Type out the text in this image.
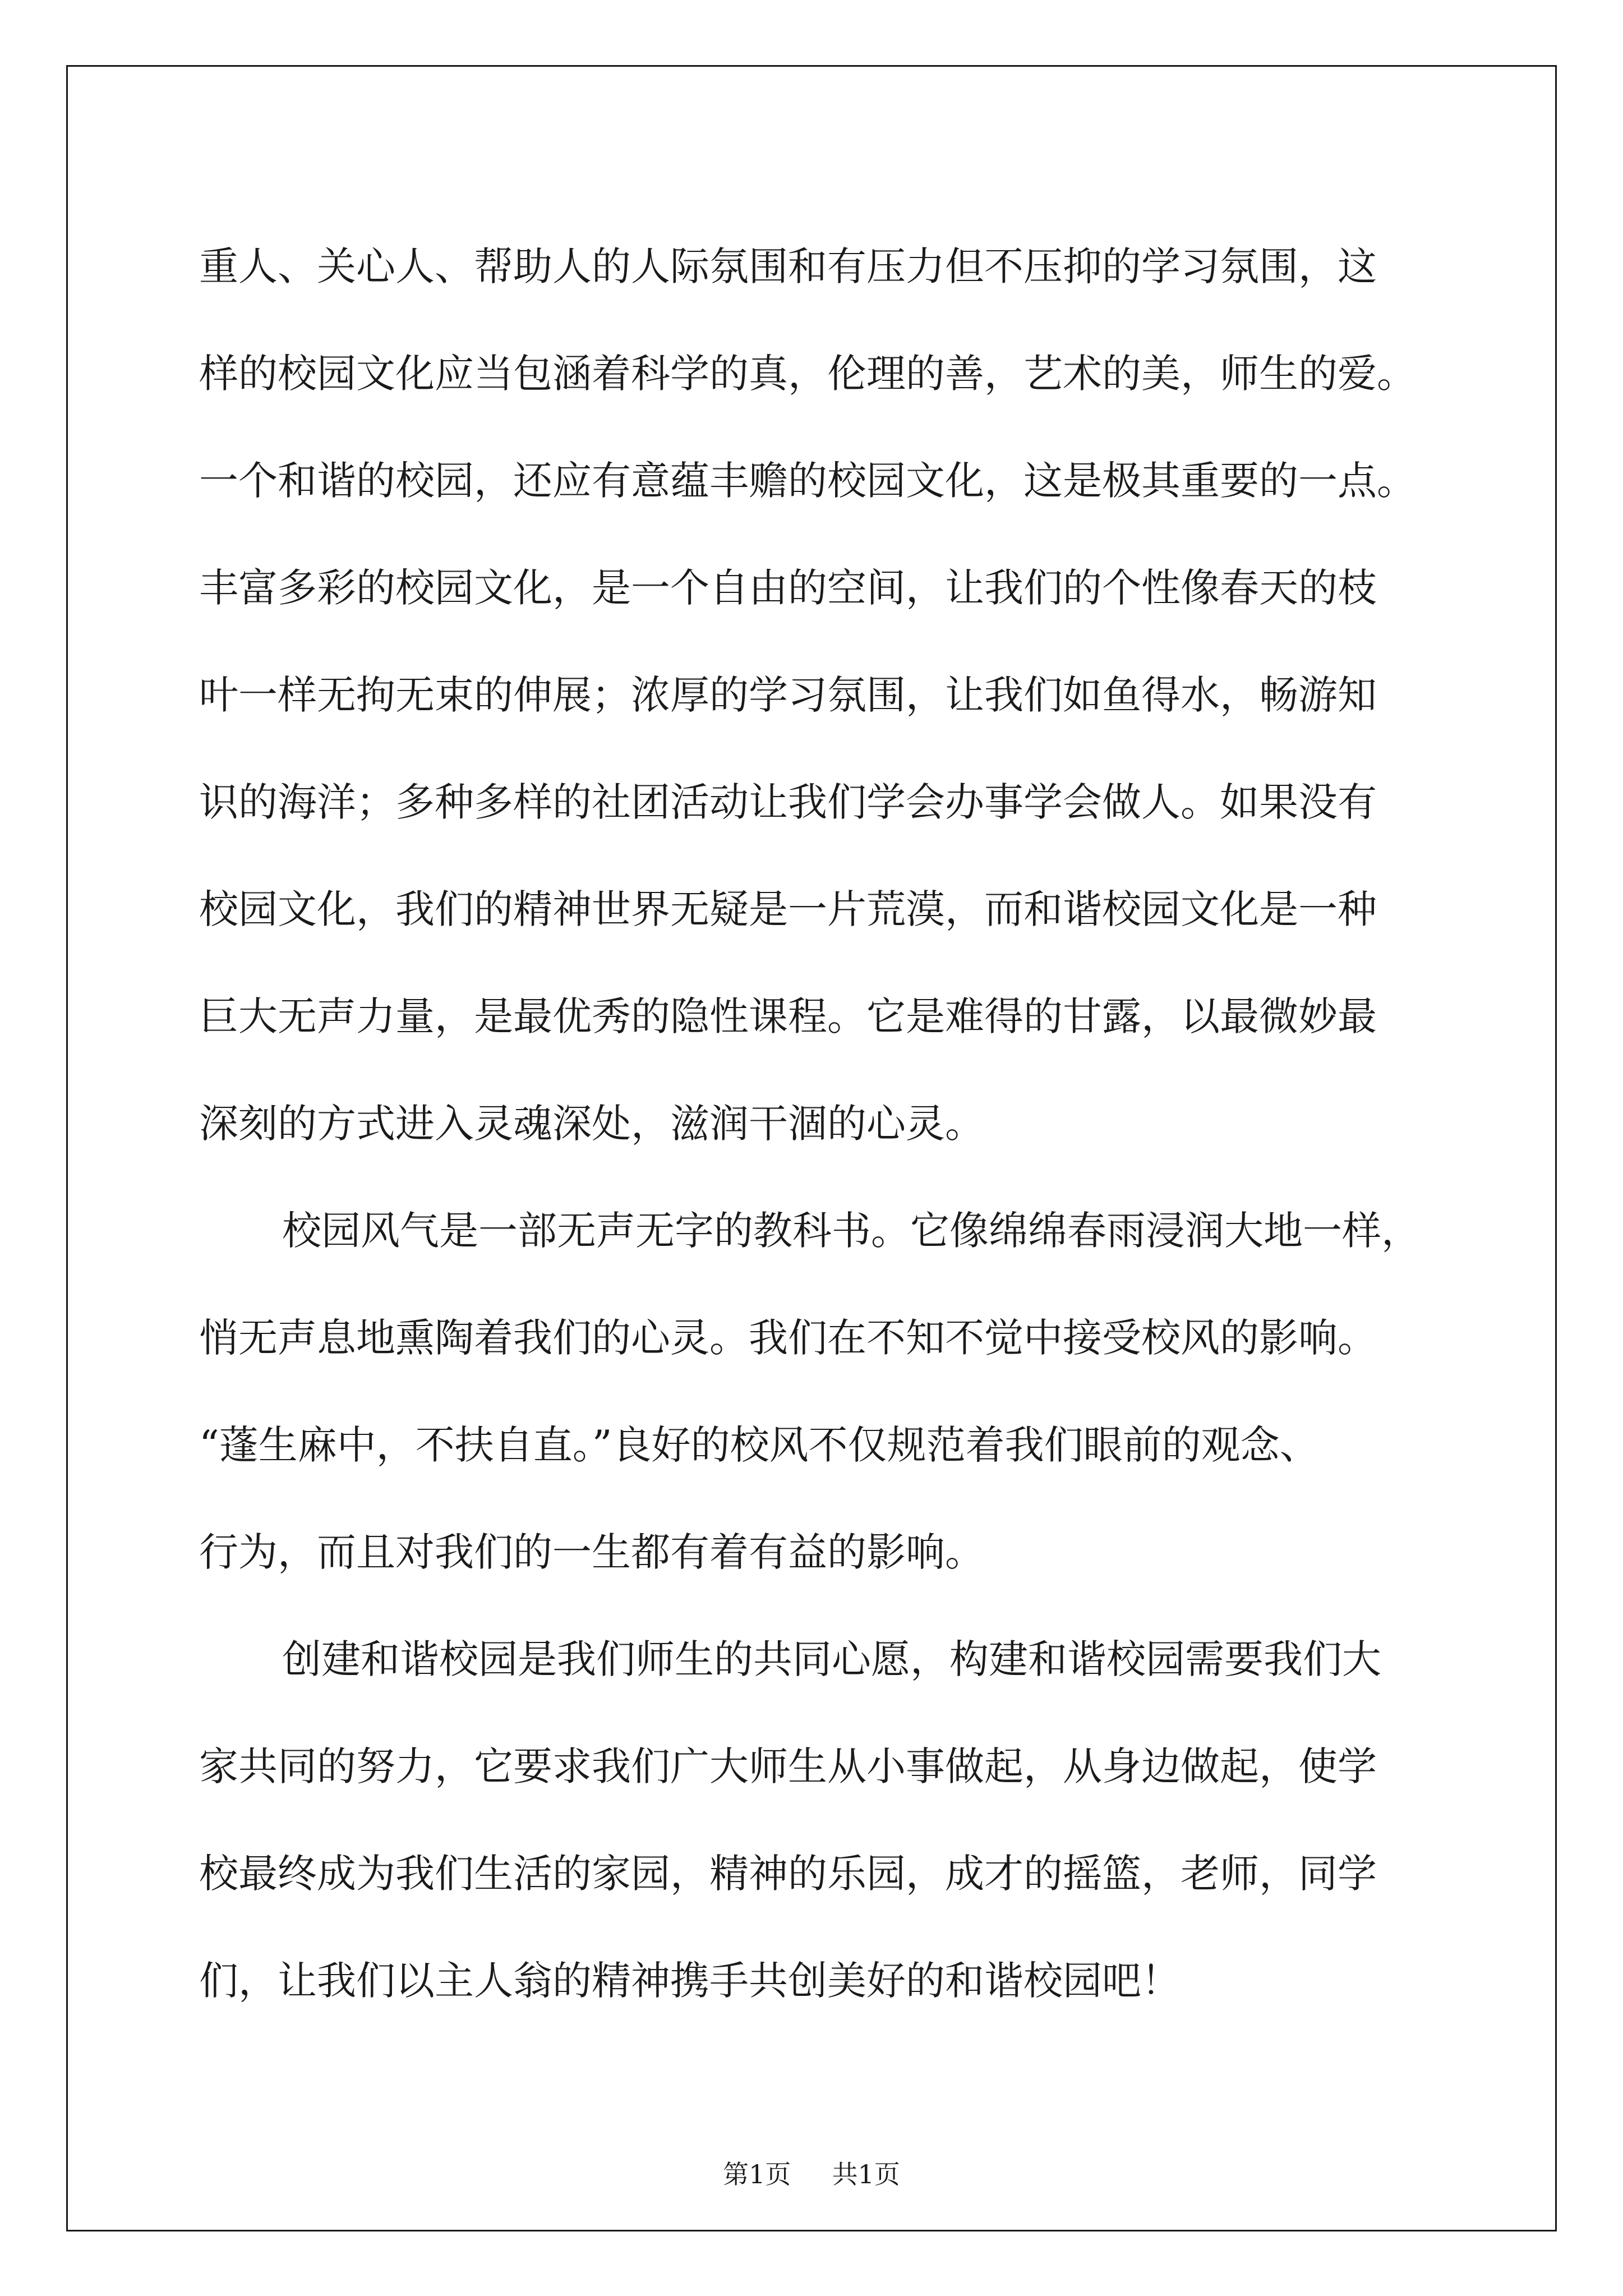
重人、关心人、帮助人的人际氛围和有压力但不压抑的学习氛围，这
样的校园文化应当包涵着科学的真，伦理的善，艺术的美，师生的爱。
一个和谐的校园，还应有意蕴丰赡的校园文化，这是极其重要的一点。
丰富多彩的校园文化，是一个自由的空间，让我们的个性像春天的枝
叶一样无拘无束的伸展；浓厚的学习氛围，让我们如鱼得水，畅游知
识的海洋；多种多样的社团活动让我们学会办事学会做人。如果没有
校园文化，我们的精神世界无疑是一片荒漠，而和谐校园文化是一种
巨大无声力量，是最优秀的隐性课程。它是难得的甘露，以最微妙最
深刻的方式进入灵魂深处，滋润干涸的心灵。
校园风气是一部无声无字的教科书。它像绵绵春雨浸润大地一样，
悄无声息地熏陶着我们的心灵。我们在不知不觉中接受校风的影响。
“蓬生麻中，不扶自直。”良好的校风不仅规范着我们眼前的观念、
行为，而且对我们的一生都有着有益的影响。
创建和谐校园是我们师生的共同心愿，构建和谐校园需要我们大
家共同的努力，它要求我们广大师生从小事做起，从身边做起，使学
校最终成为我们生活的家园，精神的乐园，成才的摇篮，老师，同学
们，让我们以主人翁的精神携手共创美好的和谐校园吧！
第1页 共1页
